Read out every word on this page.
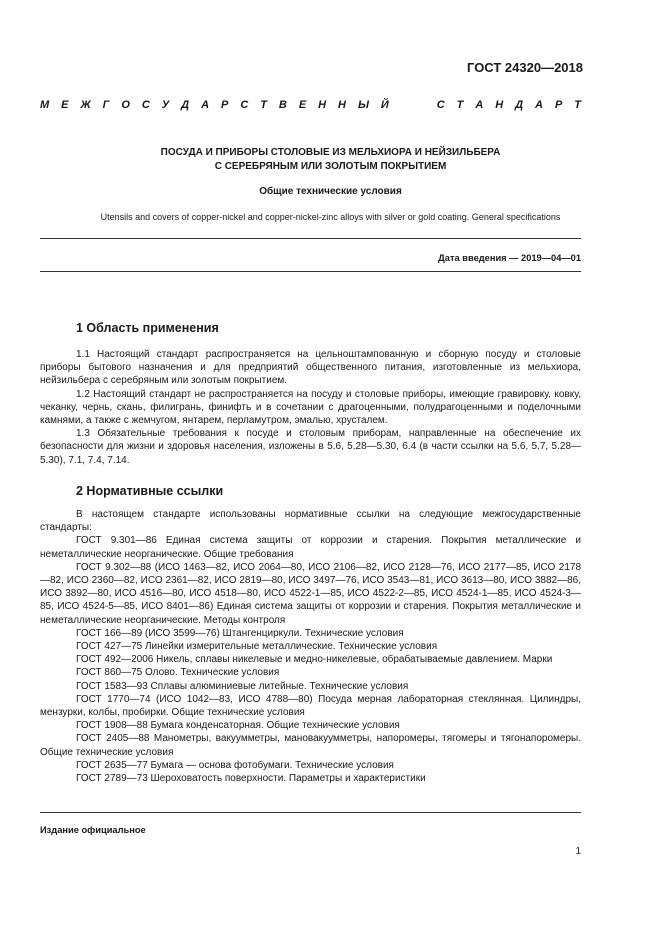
ГОСТ 24320—2018
М Е Ж Г О С У Д А Р С Т В Е Н Н Ы Й    С Т А Н Д А Р Т
ПОСУДА И ПРИБОРЫ СТОЛОВЫЕ ИЗ МЕЛЬХИОРА И НЕЙЗИЛЬБЕРА
С СЕРЕБРЯНЫМ ИЛИ ЗОЛОТЫМ ПОКРЫТИЕМ
Общие технические условия
Utensils and covers of copper-nickel and copper-nickel-zinc alloys with silver or gold coating. General specifications
Дата введения — 2019—04—01
1 Область применения

1.1 Настоящий стандарт распространяется на цельноштампованную и сборную посуду и столовые приборы бытового назначения и для предприятий общественного питания, изготовленные из мельхиора, нейзильбера с серебряным или золотым покрытием.

1.2 Настоящий стандарт не распространяется на посуду и столовые приборы, имеющие гравировку, ковку, чеканку, чернь, скань, филигрань, финифть и в сочетании с драгоценными, полудрагоценными и поделочными камнями, а также с жемчугом, янтарем, перламутром, эмалью, хрусталем.

1.3 Обязательные требования к посуде и столовым приборам, направленные на обеспечение их безопасности для жизни и здоровья населения, изложены в 5.6, 5.28—5.30, 6.4 (в части ссылки на 5.6, 5.7, 5.28—5.30), 7.1, 7.4, 7.14.

2 Нормативные ссылки

В настоящем стандарте использованы нормативные ссылки на следующие межгосударственные стандарты:

ГОСТ 9.301—86 Единая система защиты от коррозии и старения. Покрытия металлические и неметаллические неорганические. Общие требования

ГОСТ 9.302—88 (ИСО 1463—82, ИСО 2064—80, ИСО 2106—82, ИСО 2128—76, ИСО 2177—85, ИСО 2178—82, ИСО 2360—82, ИСО 2361—82, ИСО 2819—80, ИСО 3497—76, ИСО 3543—81, ИСО 3613—80, ИСО 3882—86, ИСО 3892—80, ИСО 4516—80, ИСО 4518—80, ИСО 4522-1—85, ИСО 4522-2—85, ИСО 4524-1—85, ИСО 4524-3—85, ИСО 4524-5—85, ИСО 8401—86) Единая система защиты от коррозии и старения. Покрытия металлические и неметаллические неорганические. Методы контроля

ГОСТ 166—89 (ИСО 3599—76) Штангенциркули. Технические условия

ГОСТ 427—75 Линейки измерительные металлические. Технические условия

ГОСТ 492—2006 Никель, сплавы никелевые и медно-никелевые, обрабатываемые давлением. Марки

ГОСТ 860—75 Олово. Технические условия

ГОСТ 1583—93 Сплавы алюминиевые литейные. Технические условия

ГОСТ 1770—74 (ИСО 1042—83, ИСО 4788—80) Посуда мерная лабораторная стеклянная. Цилиндры, мензурки, колбы, пробирки. Общие технические условия

ГОСТ 1908—88 Бумага конденсаторная. Общие технические условия

ГОСТ 2405—88 Манометры, вакуумметры, мановакуумметры, напоромеры, тягомеры и тягонапоромеры. Общие технические условия

ГОСТ 2635—77 Бумага — основа фотобумаги. Технические условия

ГОСТ 2789—73 Шероховатость поверхности. Параметры и характеристики

Издание официальное
1
